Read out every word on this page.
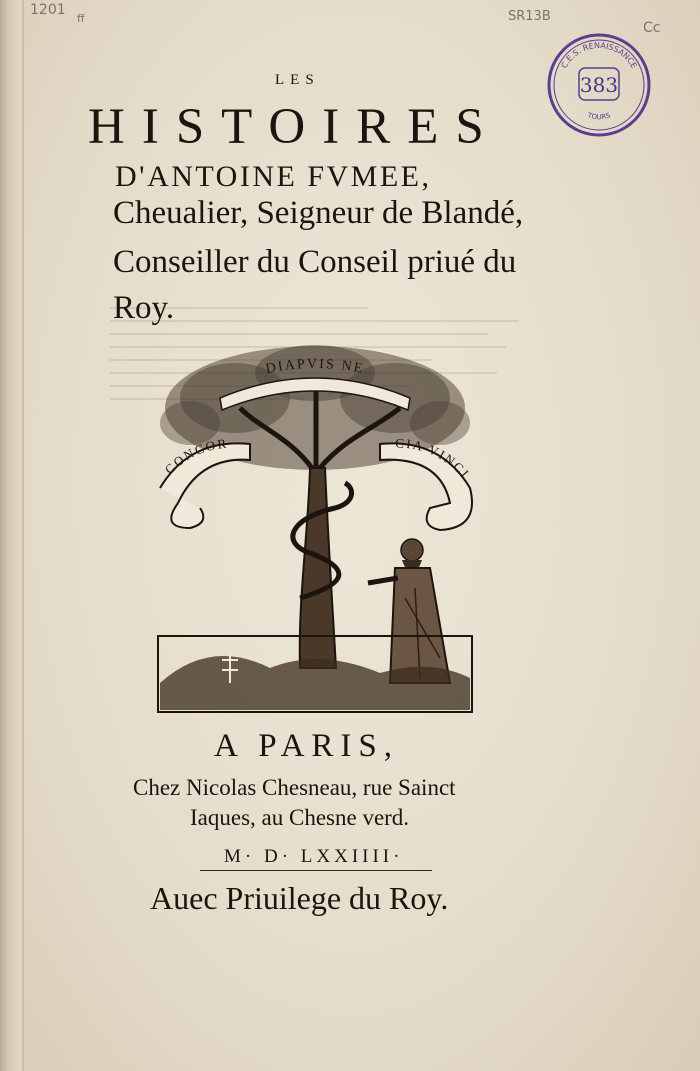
1201
ff	SR13B
Cc
383
C.E.S. RENAISSANCE
TOURS
LES
HISTOIRES
D'ANTOINE FVMEE,
Cheualier, Seigneur de Blandé,
Conseiller du Conseil priué du
Roy.
DIAPVIS NE
CONCOR	CIA VINCI
A PARIS,
Chez Nicolas Chesneau, rue Sainct
Iaques, au Chesne verd.
M· D· LXXIIII·
Auec Priuilege du Roy.
